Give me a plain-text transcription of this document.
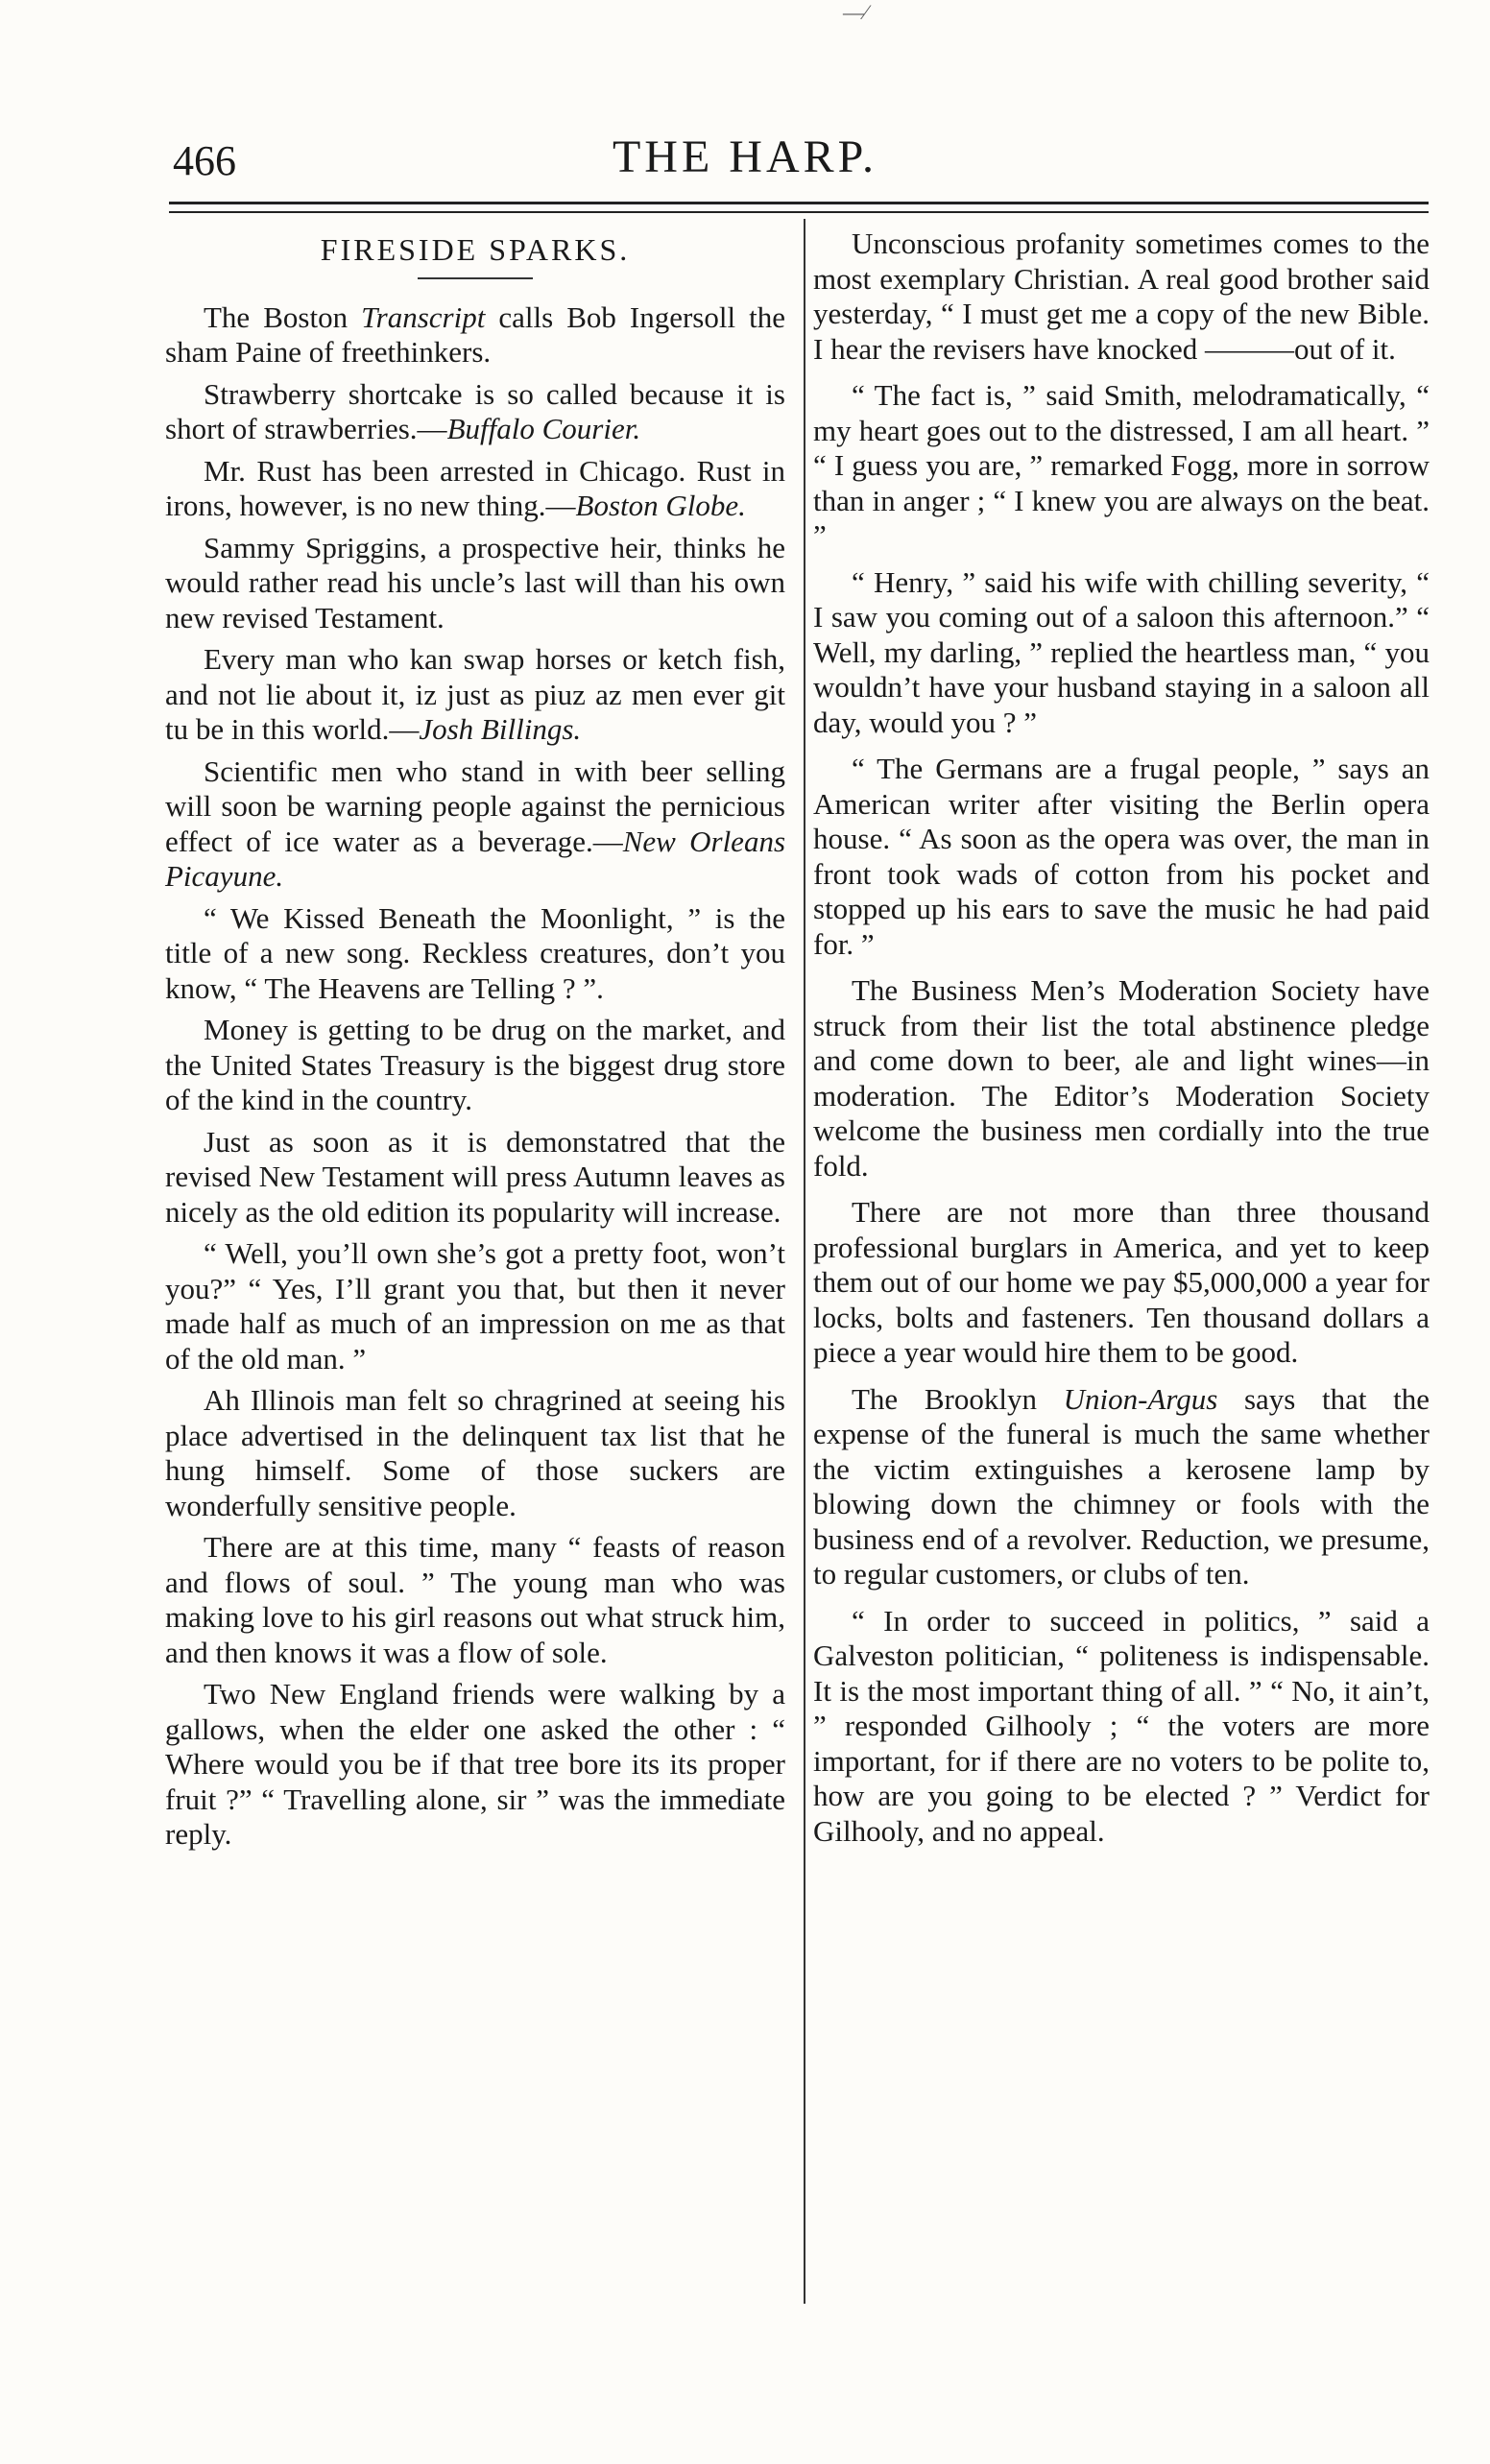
—⁄
466	THE HARP.
FIRESIDE SPARKS.

The Boston Transcript calls Bob Ingersoll the sham Paine of freethinkers.

Strawberry shortcake is so called because it is short of strawberries.—Buffalo Courier.

Mr. Rust has been arrested in Chicago. Rust in irons, however, is no new thing.—Boston Globe.

Sammy Spriggins, a prospective heir, thinks he would rather read his uncle’s last will than his own new revised Testament.

Every man who kan swap horses or ketch fish, and not lie about it, iz just as piuz az men ever git tu be in this world.—Josh Billings.

Scientific men who stand in with beer selling will soon be warning people against the pernicious effect of ice water as a beverage.—New Orleans Picayune.

“ We Kissed Beneath the Moonlight, ” is the title of a new song. Reckless creatures, don’t you know, “ The Heavens are Telling ? ”.

Money is getting to be drug on the market, and the United States Treasury is the biggest drug store of the kind in the country.

Just as soon as it is demonstatred that the revised New Testament will press Autumn leaves as nicely as the old edition its popularity will increase.

“ Well, you’ll own she’s got a pretty foot, won’t you?” “ Yes, I’ll grant you that, but then it never made half as much of an impression on me as that of the old man. ”

Ah Illinois man felt so chragrined at seeing his place advertised in the delinquent tax list that he hung himself. Some of those suckers are wonderfully sensitive people.

There are at this time, many “ feasts of reason and flows of soul. ” The young man who was making love to his girl reasons out what struck him, and then knows it was a flow of sole.

Two New England friends were walking by a gallows, when the elder one asked the other : “ Where would you be if that tree bore its its proper fruit ?” “ Travelling alone, sir ” was the immediate reply.

Unconscious profanity sometimes comes to the most exemplary Christian. A real good brother said yesterday, “ I must get me a copy of the new Bible. I hear the revisers have knocked ———out of it.

“ The fact is, ” said Smith, melodramatically, “ my heart goes out to the distressed, I am all heart. ” “ I guess you are, ” remarked Fogg, more in sorrow than in anger ; “ I knew you are always on the beat. ”

“ Henry, ” said his wife with chilling severity, “ I saw you coming out of a saloon this afternoon.” “ Well, my darling, ” replied the heartless man, “ you wouldn’t have your husband staying in a saloon all day, would you ? ”

“ The Germans are a frugal people, ” says an American writer after visiting the Berlin opera house. “ As soon as the opera was over, the man in front took wads of cotton from his pocket and stopped up his ears to save the music he had paid for. ”

The Business Men’s Moderation Society have struck from their list the total abstinence pledge and come down to beer, ale and light wines—in moderation. The Editor’s Moderation Society welcome the business men cordially into the true fold.

There are not more than three thousand professional burglars in America, and yet to keep them out of our home we pay $5,000,000 a year for locks, bolts and fasteners. Ten thousand dollars a piece a year would hire them to be good.

The Brooklyn Union-Argus says that the expense of the funeral is much the same whether the victim extinguishes a kerosene lamp by blowing down the chimney or fools with the business end of a revolver. Reduction, we presume, to regular customers, or clubs of ten.

“ In order to succeed in politics, ” said a Galveston politician, “ politeness is indispensable. It is the most important thing of all. ” “ No, it ain’t, ” responded Gilhooly ; “ the voters are more important, for if there are no voters to be polite to, how are you going to be elected ? ” Verdict for Gilhooly, and no appeal.
